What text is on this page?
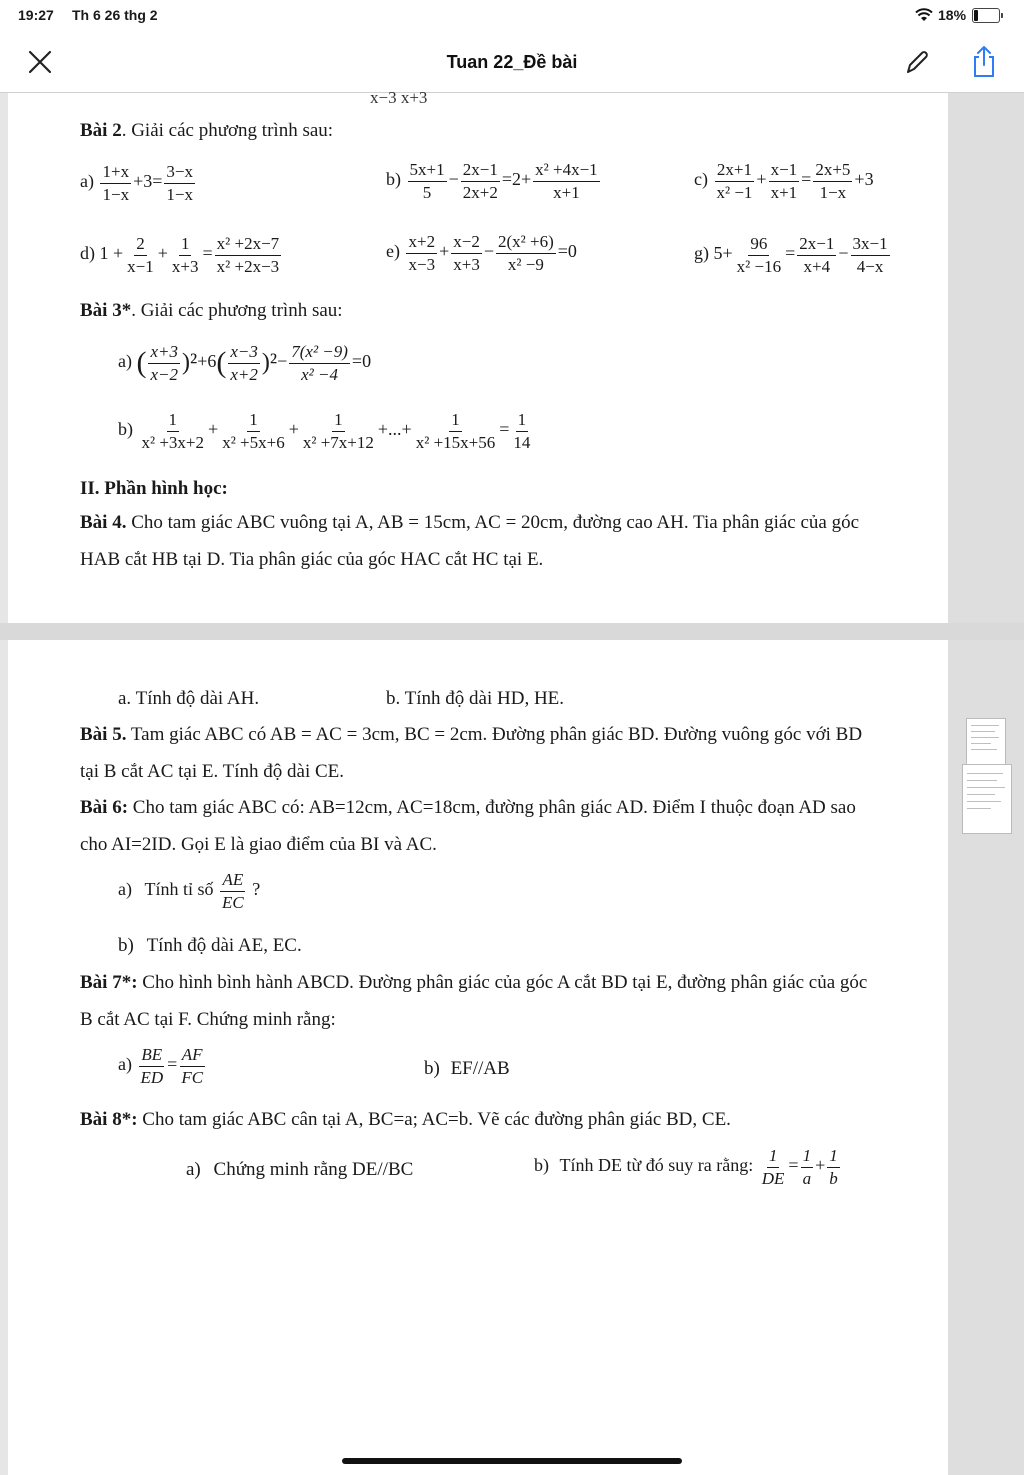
19:27 Th 6 26 thg 2	18%
Tuan 22_Đề bài
x−3 x+3
Bài 2. Giải các phương trình sau:
$a) \frac{1+x}{1-x} +3= \frac{3-x}{1-x}$	$b) \frac{5x+1}{5} - \frac{2x-1}{2x+2} =2+ \frac{\text{x² +4x−1}}{x+1}$	$c) \frac{2x+1}{\text{x² −1}} + \frac{x-1}{x+1} = \frac{2x+5}{1-x} +3$
d) $1 + \frac{2}{x-1} + \frac{1}{x+3} = \frac{\text{x² +2x−7}}{\text{x² +2x−3}}$	$e) \frac{x+2}{x-3} + \frac{x-2}{x+3} - \frac{\text{2(x² +6)}}{\text{x² −9}} =0$	g) $5+ \frac{96}{\text{x² −16}} = \frac{2x-1}{x+4} - \frac{3x-1}{4-x}$
Bài 3*. Giải các phương trình sau:
a) ( $\frac{x+3}{x-2} )^2+6( \frac{x-3}{x+2} )^2- \frac{\text{7(x² −9)}}{\text{x² −4}} =0$
$b) \frac{1}{\text{x² +3x+2}} + \frac{1}{\text{x² +5x+6}} + \frac{1}{\text{x² +7x+12}}$ +...+ $\frac{1}{\text{x² +15x+56}} = \frac{1}{14}$
II. Phần hình học:
Bài 4. Cho tam giác ABC vuông tại A, AB = 15cm, AC = 20cm, đường cao AH. Tia phân giác của góc
HAB cắt HB tại D. Tia phân giác của góc HAC cắt HC tại E.
a. Tính độ dài AH.	b. Tính độ dài HD, HE.
Bài 5. Tam giác ABC có AB = AC = 3cm, BC = 2cm. Đường phân giác BD. Đường vuông góc với BD
tại B cắt AC tại E. Tính độ dài CE.
Bài 6: Cho tam giác ABC có: AB=12cm, AC=18cm, đường phân giác AD. Điểm I thuộc đoạn AD sao
cho AI=2ID. Gọi E là giao điểm của BI và AC.
a) Tính tỉ số $\frac{AE}{EC}$ ?
b) Tính độ dài AE, EC.
Bài 7*: Cho hình bình hành ABCD. Đường phân giác của góc A cắt BD tại E, đường phân giác của góc
B cắt AC tại F. Chứng minh rằng:
$a) \frac{BE}{ED} = \frac{AF}{FC}$	b) EF//AB
Bài 8*: Cho tam giác ABC cân tại A, BC=a; AC=b. Vẽ các đường phân giác BD, CE.
a) Chứng minh rằng DE//BC	b) Tính DE từ đó suy ra rằng: $\frac{1}{DE} = \frac{1}{a} + \frac{1}{b}$
